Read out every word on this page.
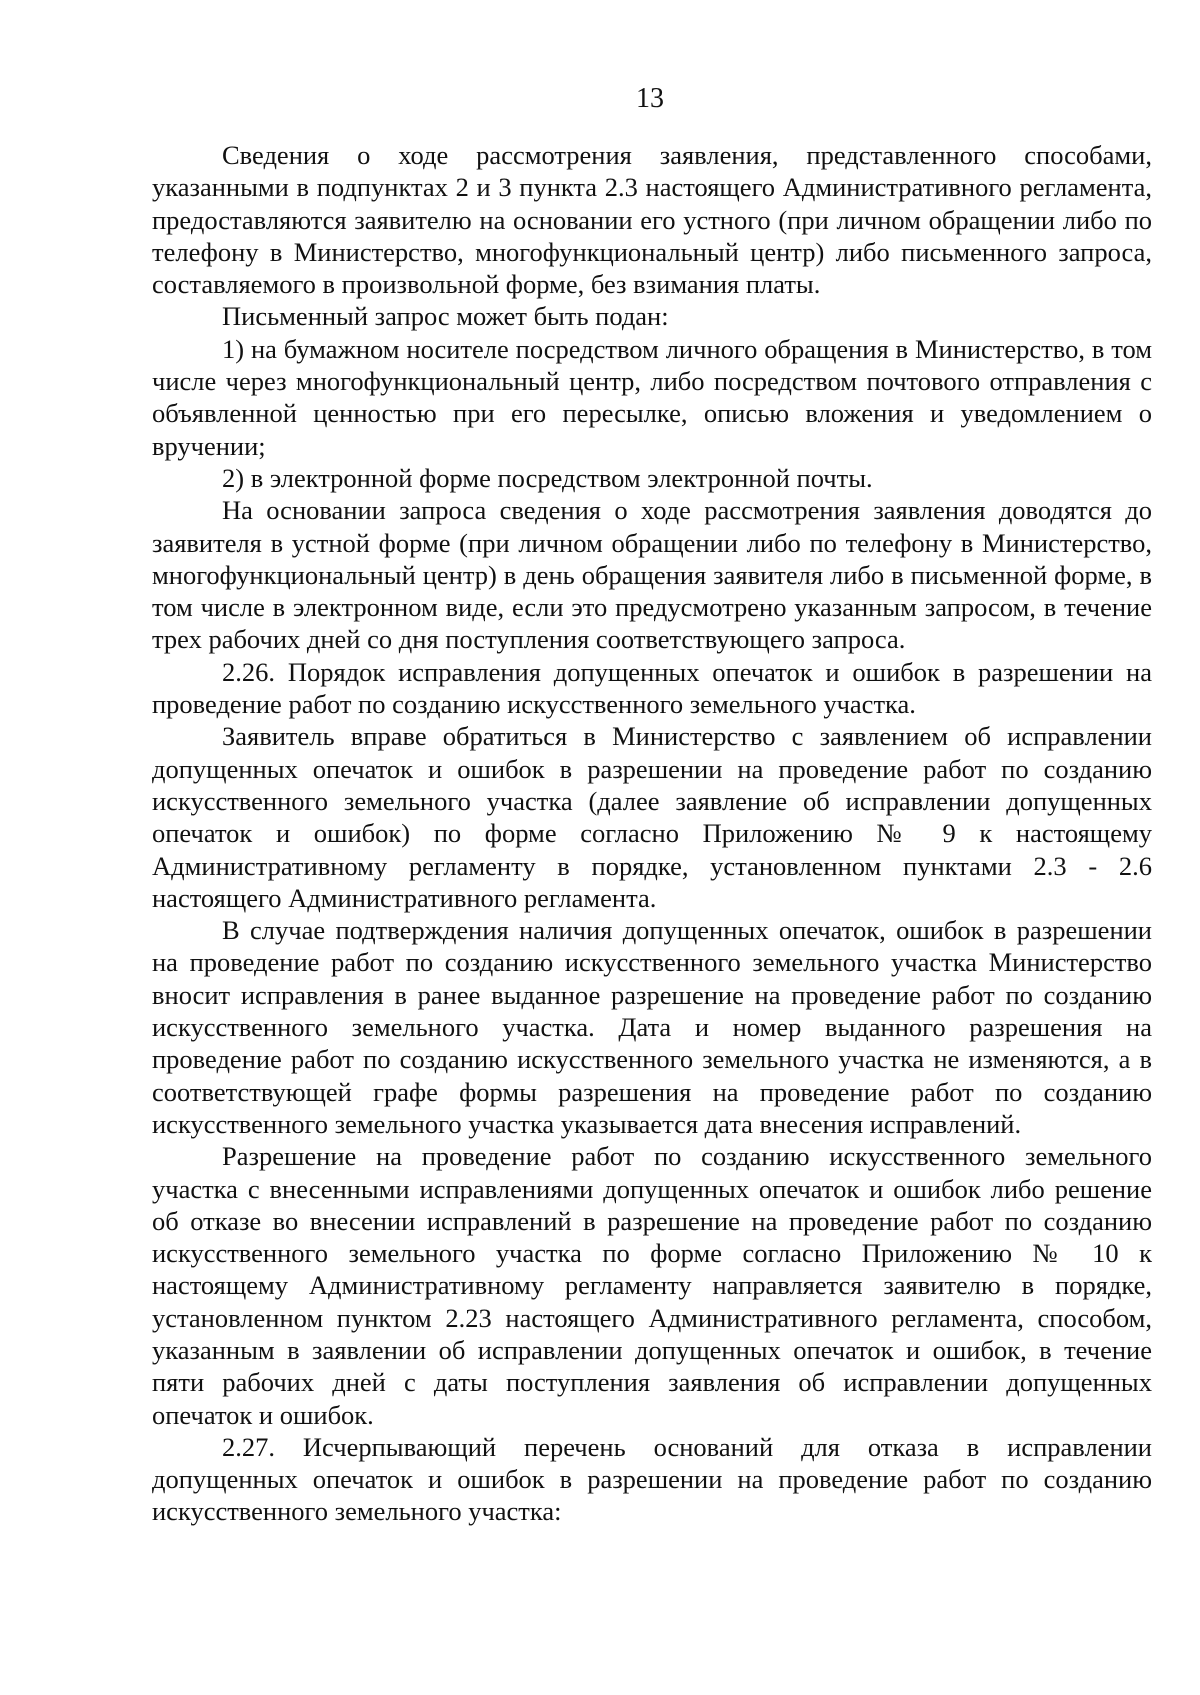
13

Сведения о ходе рассмотрения заявления, представленного способами, указанными в подпунктах 2 и 3 пункта 2.3 настоящего Административного регламента, предоставляются заявителю на основании его устного (при личном обращении либо по телефону в Министерство, многофункциональный центр) либо письменного запроса, составляемого в произвольной форме, без взимания платы.

Письменный запрос может быть подан:

1) на бумажном носителе посредством личного обращения в Министерство, в том числе через многофункциональный центр, либо посредством почтового отправления с объявленной ценностью при его пересылке, описью вложения и уведомлением о вручении;

2) в электронной форме посредством электронной почты.

На основании запроса сведения о ходе рассмотрения заявления доводятся до заявителя в устной форме (при личном обращении либо по телефону в Министерство, многофункциональный центр) в день обращения заявителя либо в письменной форме, в том числе в электронном виде, если это предусмотрено указанным запросом, в течение трех рабочих дней со дня поступления соответствующего запроса.

2.26. Порядок исправления допущенных опечаток и ошибок в разрешении на проведение работ по созданию искусственного земельного участка.

Заявитель вправе обратиться в Министерство с заявлением об исправлении допущенных опечаток и ошибок в разрешении на проведение работ по созданию искусственного земельного участка (далее заявление об исправлении допущенных опечаток и ошибок) по форме согласно Приложению № 9 к настоящему Административному регламенту в порядке, установленном пунктами 2.3 - 2.6 настоящего Административного регламента.

В случае подтверждения наличия допущенных опечаток, ошибок в разрешении на проведение работ по созданию искусственного земельного участка Министерство вносит исправления в ранее выданное разрешение на проведение работ по созданию искусственного земельного участка. Дата и номер выданного разрешения на проведение работ по созданию искусственного земельного участка не изменяются, а в соответствующей графе формы разрешения на проведение работ по созданию искусственного земельного участка указывается дата внесения исправлений.

Разрешение на проведение работ по созданию искусственного земельного участка с внесенными исправлениями допущенных опечаток и ошибок либо решение об отказе во внесении исправлений в разрешение на проведение работ по созданию искусственного земельного участка по форме согласно Приложению № 10 к настоящему Административному регламенту направляется заявителю в порядке, установленном пунктом 2.23 настоящего Административного регламента, способом, указанным в заявлении об исправлении допущенных опечаток и ошибок, в течение пяти рабочих дней с даты поступления заявления об исправлении допущенных опечаток и ошибок.

2.27. Исчерпывающий перечень оснований для отказа в исправлении допущенных опечаток и ошибок в разрешении на проведение работ по созданию искусственного земельного участка:
